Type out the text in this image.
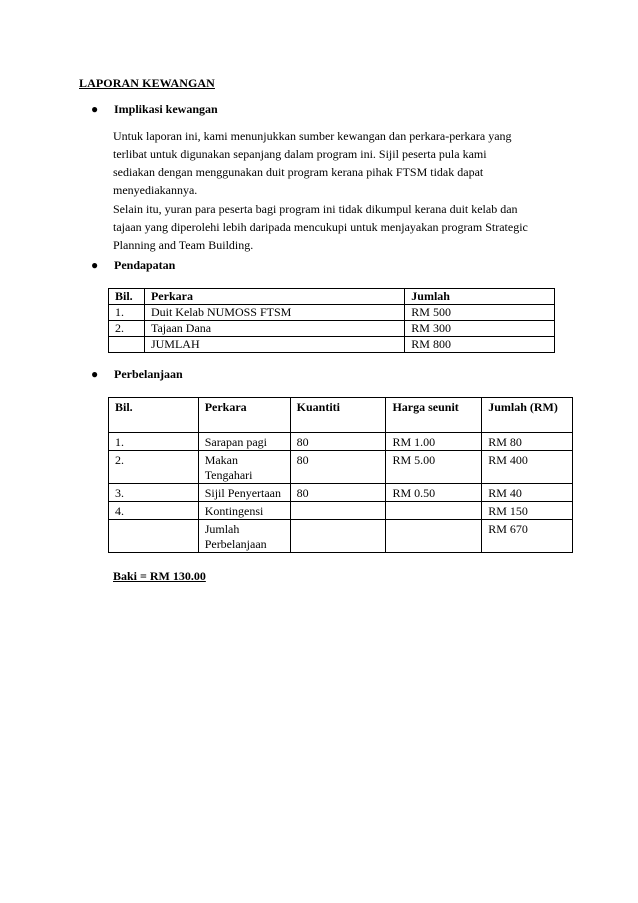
LAPORAN KEWANGAN
● Implikasi kewangan
Untuk laporan ini, kami menunjukkan sumber kewangan dan perkara-perkara yang
terlibat untuk digunakan sepanjang dalam program ini. Sijil peserta pula kami
sediakan dengan menggunakan duit program kerana pihak FTSM tidak dapat
menyediakannya.
Selain itu, yuran para peserta bagi program ini tidak dikumpul kerana duit kelab dan
tajaan yang diperolehi lebih daripada mencukupi untuk menjayakan program Strategic
Planning and Team Building.
● Pendapatan
Bil.	Perkara	Jumlah
1.	Duit Kelab NUMOSS FTSM	RM 500
2.	Tajaan Dana	RM 300
	JUMLAH	RM 800
● Perbelanjaan
Bil.	Perkara	Kuantiti	Harga seunit	Jumlah (RM)
1.	Sarapan pagi	80	RM 1.00	RM 80
2.	Makan Tengahari	80	RM 5.00	RM 400
3.	Sijil Penyertaan	80	RM 0.50	RM 40
4.	Kontingensi			RM 150
	Jumlah Perbelanjaan			RM 670
Baki = RM 130.00
